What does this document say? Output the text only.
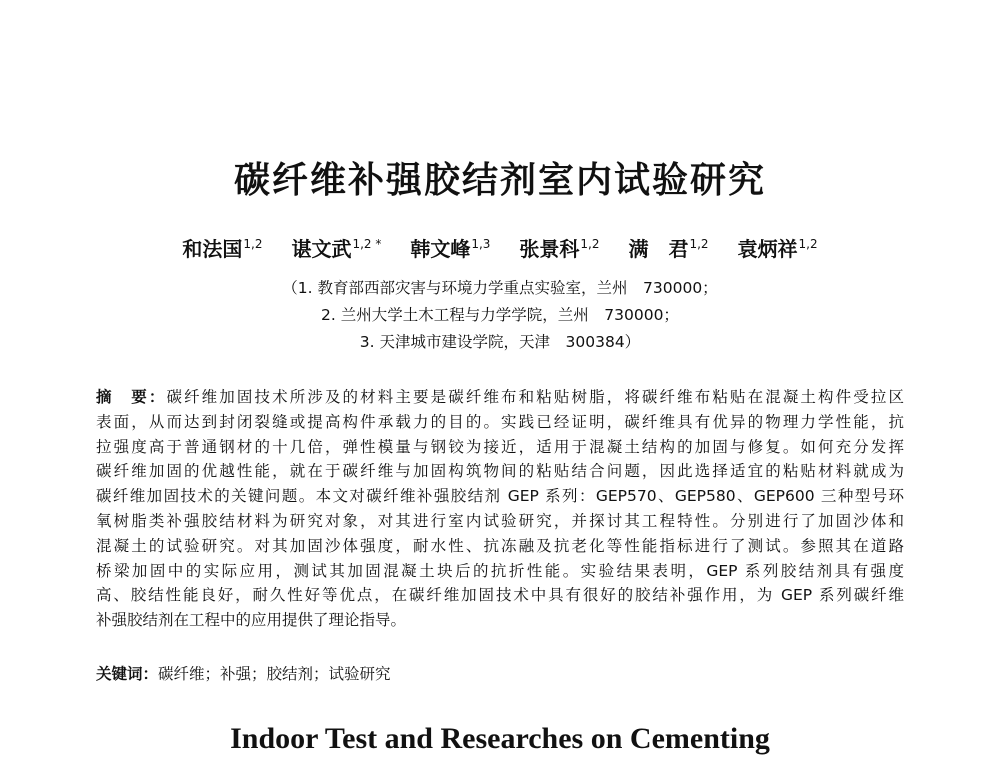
碳纤维补强胶结剂室内试验研究
和法国$^{1,2}$ 谌文武$^{1,2 *}$ 韩文峰$^{1,3}$ 张景科$^{1,2}$ 满　君$^{1,2}$ 袁炳祥$^{1,2}$
（1. 教育部西部灾害与环境力学重点实验室，兰州　730000；
2. 兰州大学土木工程与力学学院，兰州　730000；
3. 天津城市建设学院，天津　300384）
摘　要：碳纤维加固技术所涉及的材料主要是碳纤维布和粘贴树脂，将碳纤维布粘贴在混凝土构件受拉区
表面，从而达到封闭裂缝或提高构件承载力的目的。实践已经证明，碳纤维具有优异的物理力学性能，抗
拉强度高于普通钢材的十几倍，弹性模量与钢铰为接近，适用于混凝土结构的加固与修复。如何充分发挥
碳纤维加固的优越性能，就在于碳纤维与加固构筑物间的粘贴结合问题，因此选择适宜的粘贴材料就成为
碳纤维加固技术的关键问题。本文对碳纤维补强胶结剂 GEP 系列：GEP570、GEP580、GEP600 三种型号环
氧树脂类补强胶结材料为研究对象，对其进行室内试验研究，并探讨其工程特性。分别进行了加固沙体和
混凝土的试验研究。对其加固沙体强度，耐水性、抗冻融及抗老化等性能指标进行了测试。参照其在道路
桥梁加固中的实际应用，测试其加固混凝土块后的抗折性能。实验结果表明，GEP 系列胶结剂具有强度
高、胶结性能良好，耐久性好等优点，在碳纤维加固技术中具有很好的胶结补强作用，为 GEP 系列碳纤维
补强胶结剂在工程中的应用提供了理论指导。
关键词：碳纤维；补强；胶结剂；试验研究
Indoor Test and Researches on Cementing
